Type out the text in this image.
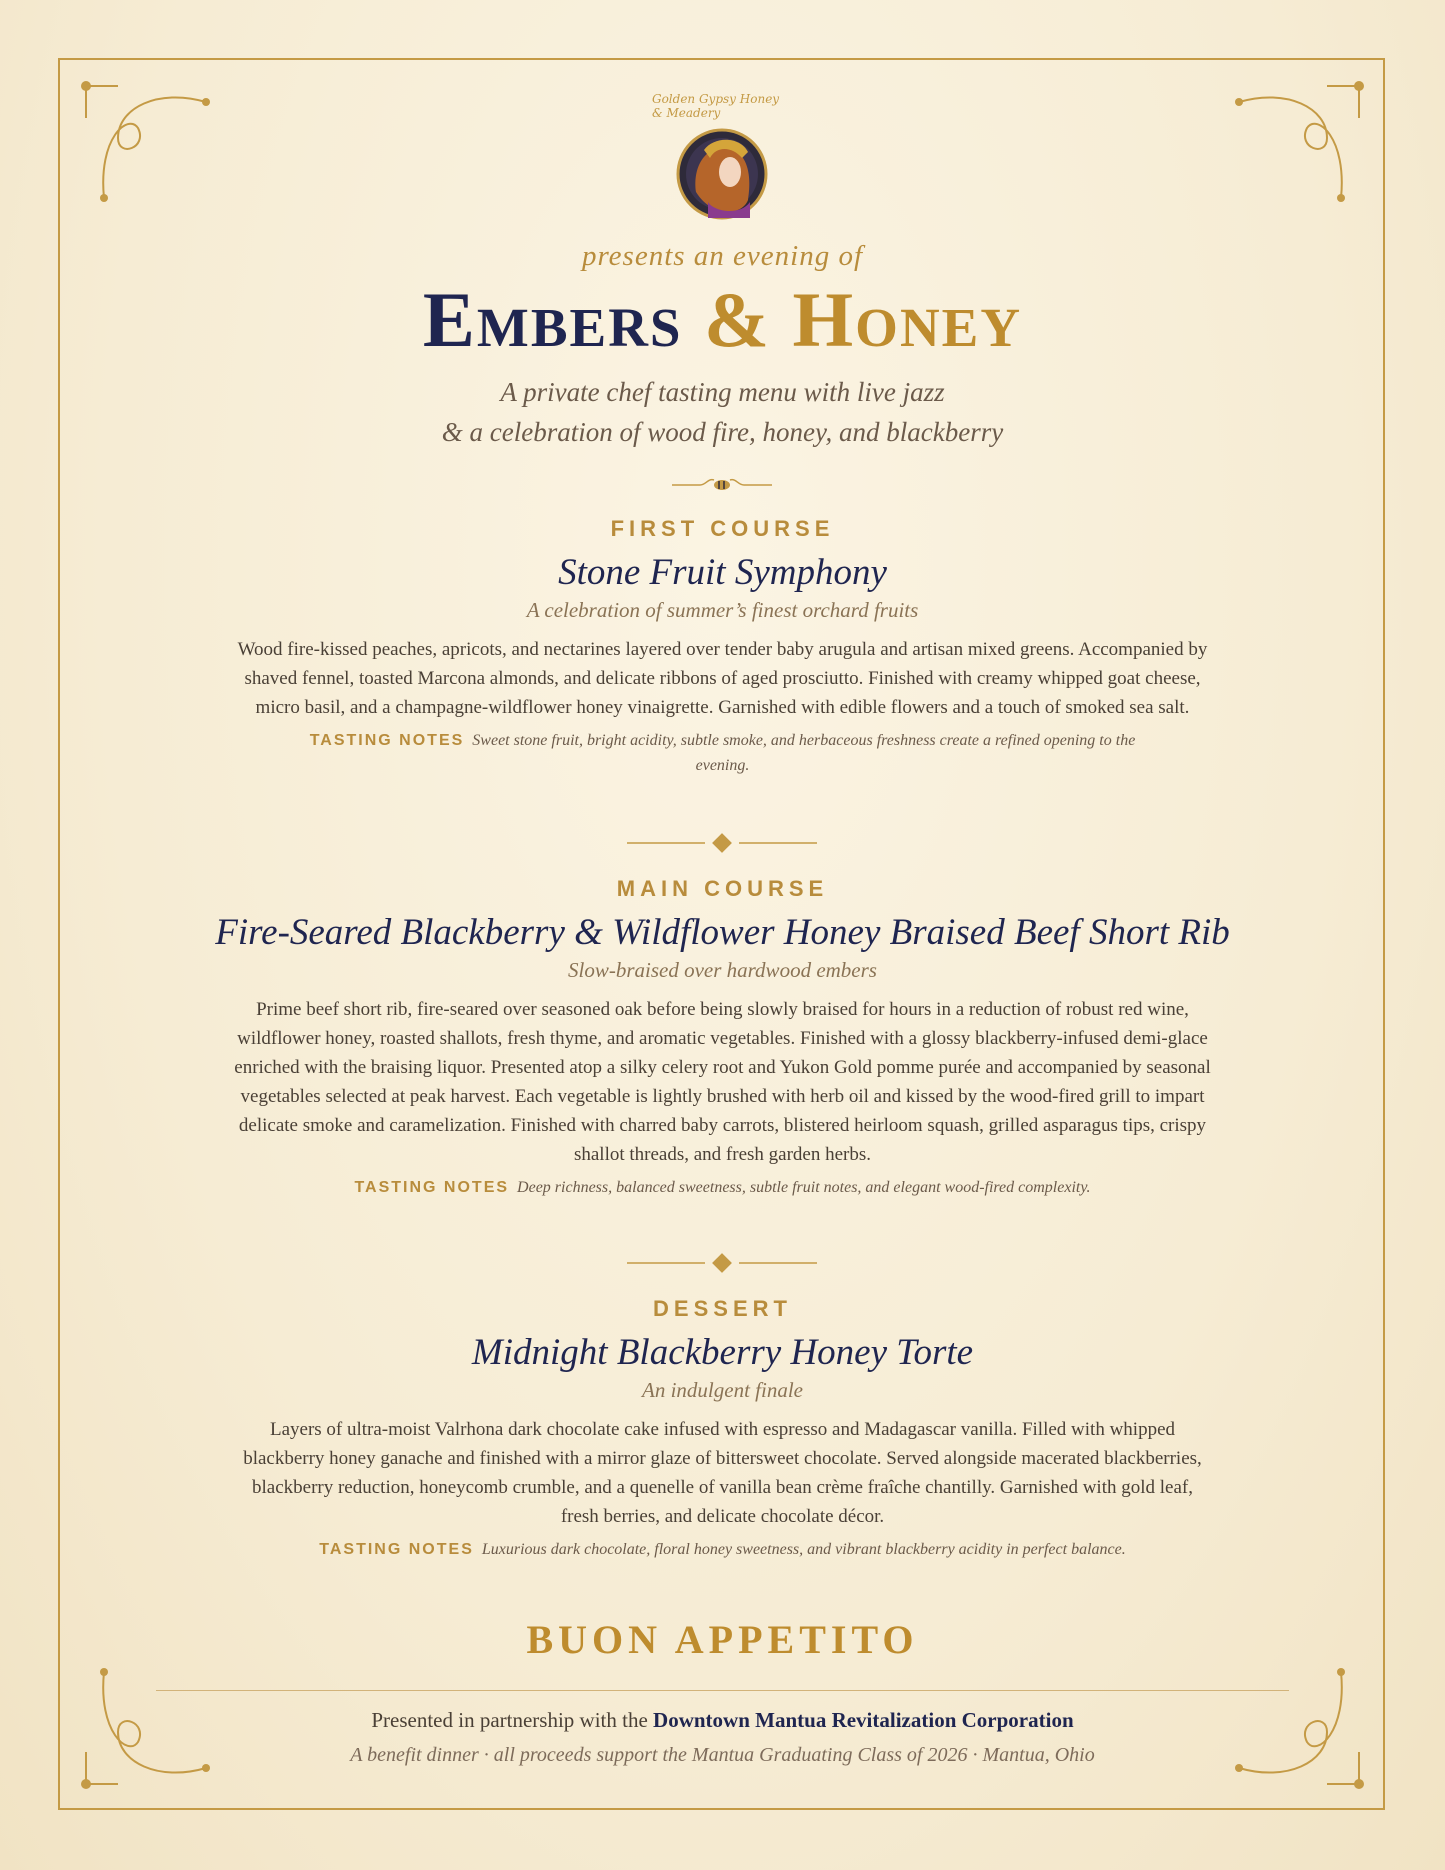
Golden Gypsy Honey & Meadery
presents an evening of
Embers & Honey
A private chef tasting menu with live jazz
& a celebration of wood fire, honey, and blackberry
FIRST COURSE
Stone Fruit Symphony
A celebration of summer’s finest orchard fruits
Wood fire-kissed peaches, apricots, and nectarines layered over tender baby arugula and artisan mixed greens. Accompanied by shaved fennel, toasted Marcona almonds, and delicate ribbons of aged prosciutto. Finished with creamy whipped goat cheese, micro basil, and a champagne-wildflower honey vinaigrette. Garnished with edible flowers and a touch of smoked sea salt.
TASTING NOTES Sweet stone fruit, bright acidity, subtle smoke, and herbaceous freshness create a refined opening to the evening.
MAIN COURSE
Fire-Seared Blackberry & Wildflower Honey Braised Beef Short Rib
Slow-braised over hardwood embers
Prime beef short rib, fire-seared over seasoned oak before being slowly braised for hours in a reduction of robust red wine, wildflower honey, roasted shallots, fresh thyme, and aromatic vegetables. Finished with a glossy blackberry-infused demi-glace enriched with the braising liquor. Presented atop a silky celery root and Yukon Gold pomme purée and accompanied by seasonal vegetables selected at peak harvest. Each vegetable is lightly brushed with herb oil and kissed by the wood-fired grill to impart delicate smoke and caramelization. Finished with charred baby carrots, blistered heirloom squash, grilled asparagus tips, crispy shallot threads, and fresh garden herbs.
TASTING NOTES Deep richness, balanced sweetness, subtle fruit notes, and elegant wood-fired complexity.
DESSERT
Midnight Blackberry Honey Torte
An indulgent finale
Layers of ultra-moist Valrhona dark chocolate cake infused with espresso and Madagascar vanilla. Filled with whipped blackberry honey ganache and finished with a mirror glaze of bittersweet chocolate. Served alongside macerated blackberries, blackberry reduction, honeycomb crumble, and a quenelle of vanilla bean crème fraîche chantilly. Garnished with gold leaf, fresh berries, and delicate chocolate décor.
TASTING NOTES Luxurious dark chocolate, floral honey sweetness, and vibrant blackberry acidity in perfect balance.
BUON APPETITO
Presented in partnership with the Downtown Mantua Revitalization Corporation
A benefit dinner · all proceeds support the Mantua Graduating Class of 2026 · Mantua, Ohio
